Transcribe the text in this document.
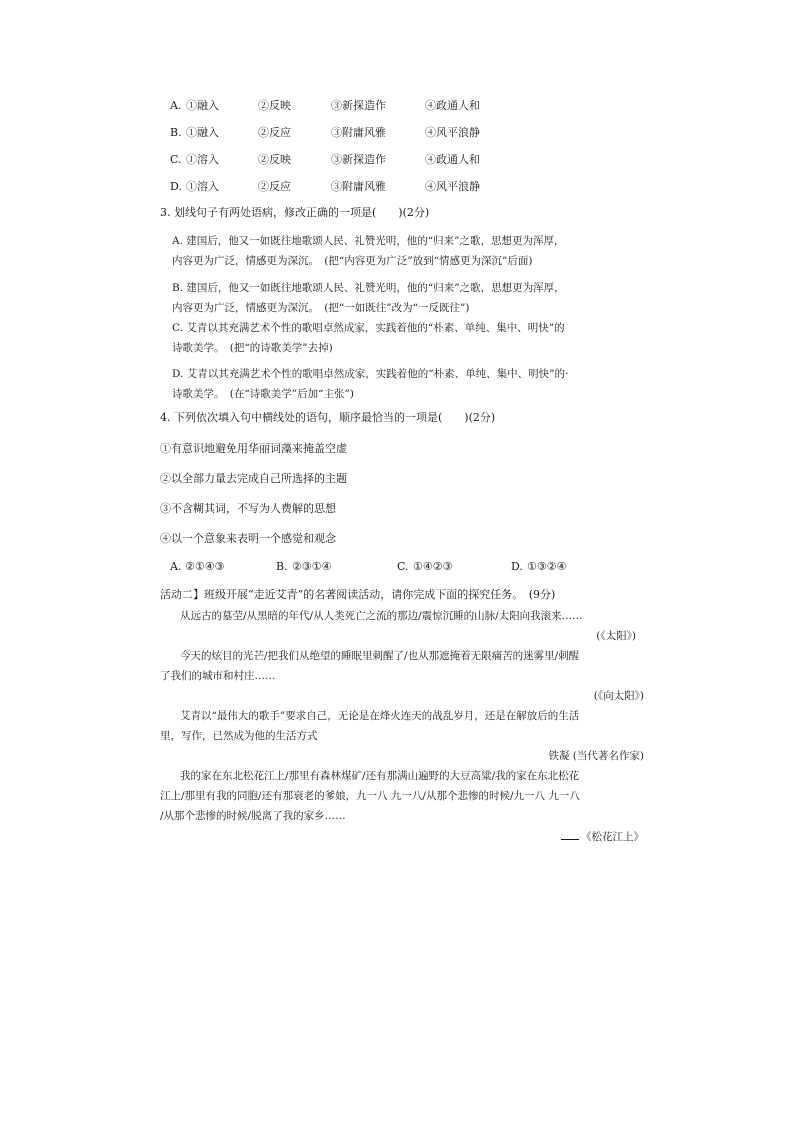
A. ①融入	②反映	③新探造作	④政通人和
B. ①融入	②反应	③附庸风雅	④风平浪静
C. ①溶入	②反映	③新探造作	④政通人和
D. ①溶入	②反应	③附庸风雅	④风平浪静
3. 划线句子有两处语病，修改正确的一项是(　　)(2分)
A. 建国后，他又一如既往地歌颂人民、礼赞光明，他的“归来”之歌，思想更为浑厚，
内容更为广泛，情感更为深沉。　(把“内容更为广泛”放到“情感更为深沉”后面)
B. 建国后，他又一如既往地歌颂人民、礼赞光明，他的“归来”之歌，思想更为浑厚，
内容更为广泛，情感更为深沉。　(把“一如既往”改为“一反既往”)
C. 艾青以其充满艺术个性的歌唱卓然成家，实践着他的“朴素、单纯、集中、明快”的
诗歌美学。　(把“的诗歌美学”去掉)
D. 艾青以其充满艺术个性的歌唱卓然成家，实践着他的“朴素、单纯、集中、明快”的·
诗歌美学。　(在“诗歌美学”后加“主张”)
4. 下列依次填入句中横线处的语句，顺序最恰当的一项是(　　)(2分)
①有意识地避免用华丽词藻来掩盖空虚
②以全部力量去完成自己所选择的主题
③不含糊其词，不写为人费解的思想
④以一个意象来表明一个感觉和观念
A. ②①④③	B. ②③①④	C. ①④②③	D. ①③②④
活动二】班级开展“走近艾青”的名著阅读活动，请你完成下面的探究任务。　(9分)
从远古的墓茔/从黑暗的年代/从人类死亡之流的那边/震惊沉睡的山脉/太阳向我滚来……
(《太阳》)
今天的炫目的光芒/把我们从绝望的睡眠里刺醒了/也从那遮掩着无限痛苦的迷雾里/刺醒
了我们的城市和村庄……
(《向太阳》)
艾青以“最伟大的歌手”要求自己，无论是在烽火连天的战乱岁月，还是在解放后的生活
里，写作，已然成为他的生活方式
铁凝 (当代著名作家)
我的家在东北松花江上/那里有森林煤矿/还有那满山遍野的大豆高粱/我的家在东北松花
江上/那里有我的同胞/还有那衰老的爹娘，九一八 九一八/从那个悲惨的时候/九一八 九一八
/从那个悲惨的时候/脱离了我的家乡……
《松花江上》
